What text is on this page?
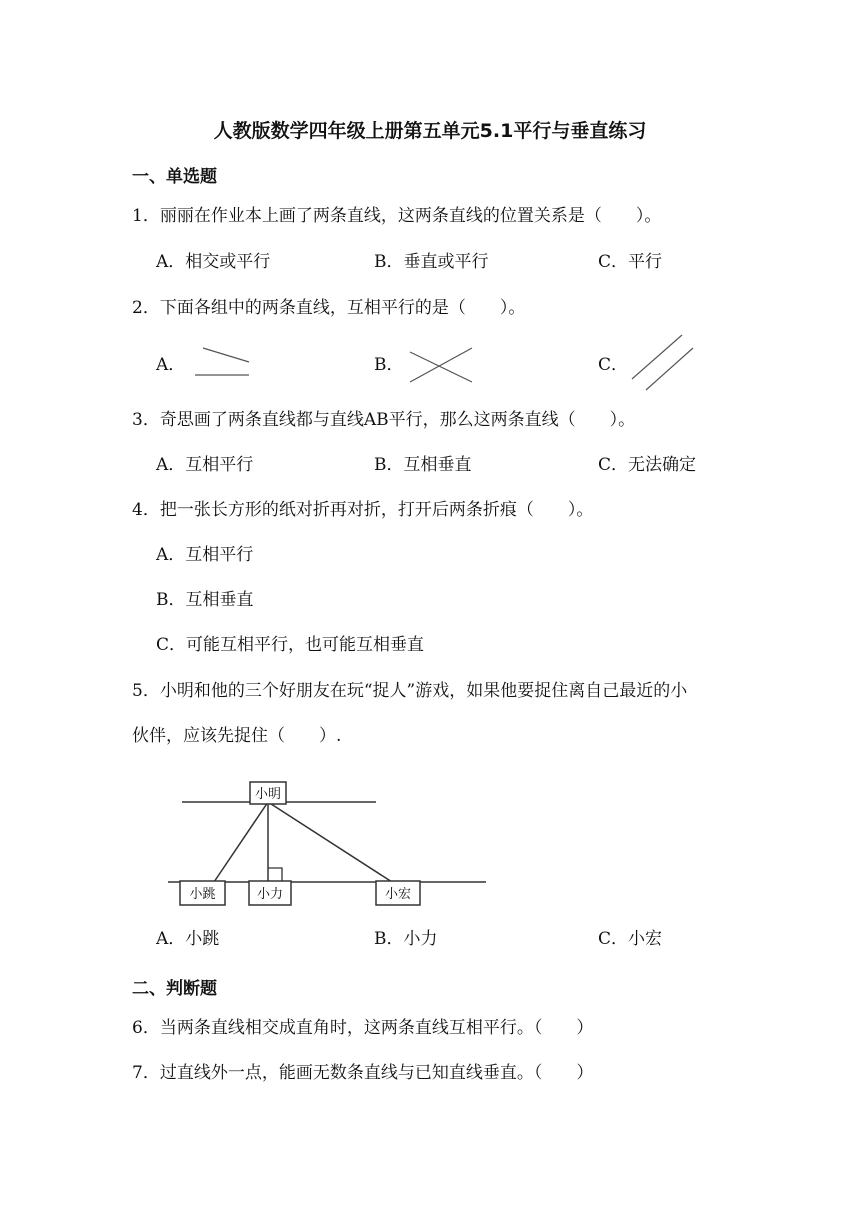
人教版数学四年级上册第五单元5.1平行与垂直练习
一、单选题
1．丽丽在作业本上画了两条直线，这两条直线的位置关系是（　　）。
A．相交或平行	B．垂直或平行	C．平行
2．下面各组中的两条直线，互相平行的是（　　）。
A．	B．	C．
3．奇思画了两条直线都与直线AB平行，那么这两条直线（　　）。
A．互相平行	B．互相垂直	C．无法确定
4．把一张长方形的纸对折再对折，打开后两条折痕（　　）。
A．互相平行
B．互相垂直
C．可能互相平行，也可能互相垂直
5．小明和他的三个好朋友在玩“捉人”游戏，如果他要捉住离自己最近的小
伙伴，应该先捉住（　　）.
小明
小跳	小力	小宏
A．小跳	B．小力	C．小宏
二、判断题
6．当两条直线相交成直角时，这两条直线互相平行。（　　）
7．过直线外一点，能画无数条直线与已知直线垂直。（　　）
